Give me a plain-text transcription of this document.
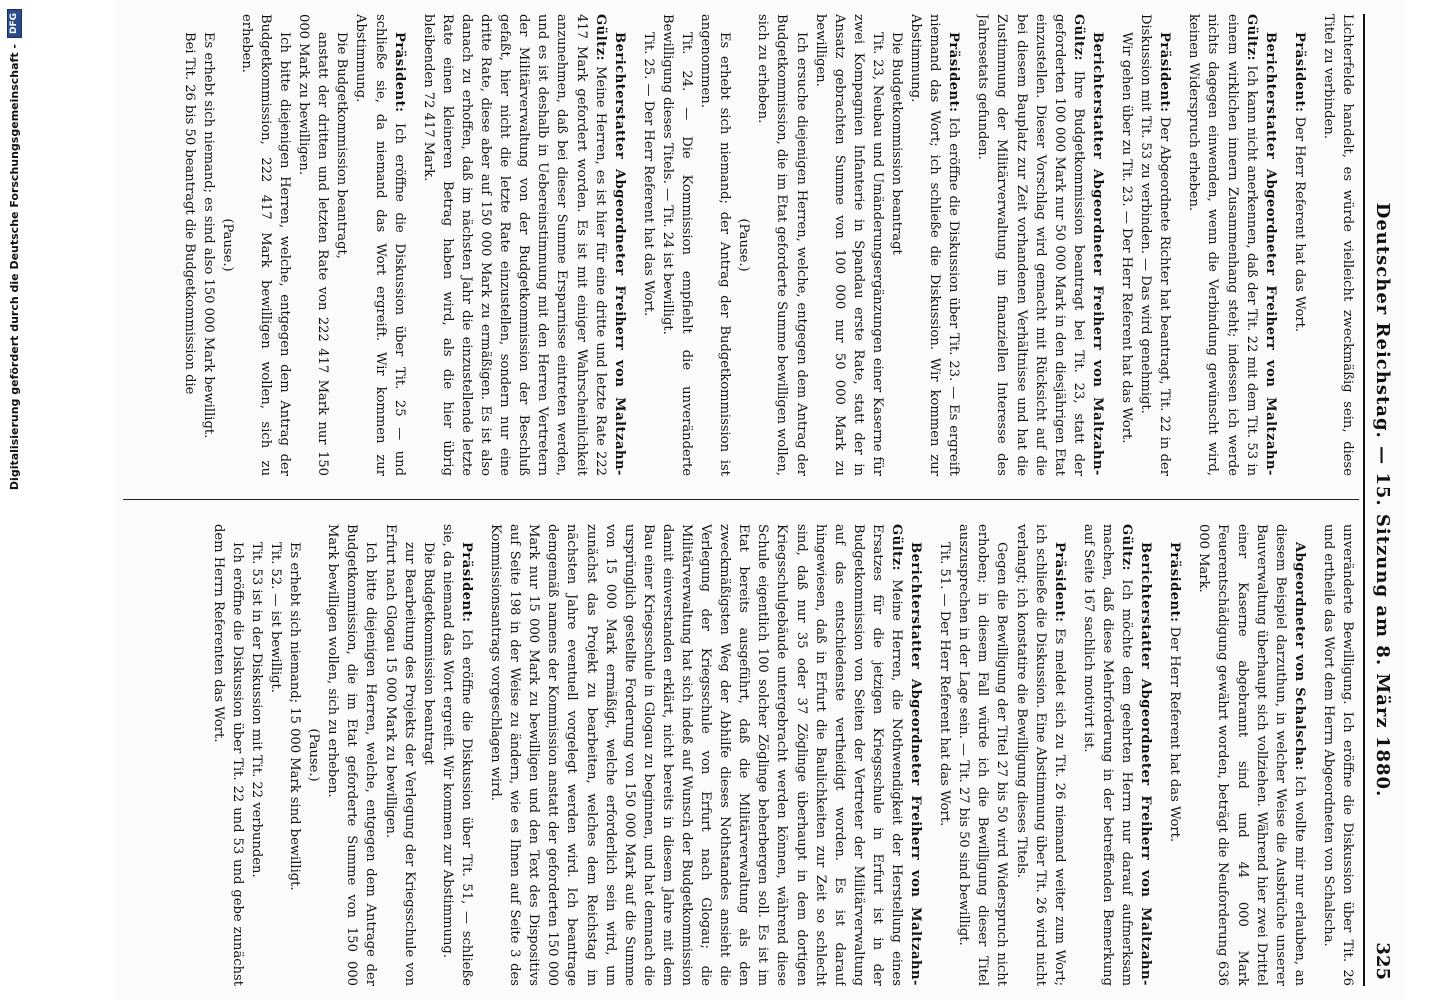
Digitalisierung gefördert durch die Deutsche Forschungsgemeinschaft -
DFG
Deutscher Reichstag. — 15. Sitzung am 8. März 1880.
325

Lichterfelde handelt, es würde vielleicht zweckmäßig sein, diese Titel zu verbinden.

Präsident: Der Herr Referent hat das Wort.

Berichterstatter Abgeordneter Freiherr von Maltzahn-Gültz: Ich kann nicht anerkennen, daß der Tit. 22 mit dem Tit. 53 in einem wirklichen innern Zusammenhang steht; indessen ich werde nichts dagegen einwenden, wenn die Verbindung gewünscht wird, keinen Widerspruch erheben.

Präsident: Der Abgeordnete Richter hat beantragt, Tit. 22 in der Diskussion mit Tit. 53 zu verbinden. — Das wird genehmigt.

Wir gehen über zu Tit. 23. — Der Herr Referent hat das Wort.

Berichterstatter Abgeordneter Freiherr von Maltzahn-Gültz: Ihre Budgetkommission beantragt bei Tit. 23, statt der geforderten 100 000 Mark nur 50 000 Mark in den diesjährigen Etat einzustellen. Dieser Vorschlag wird gemacht mit Rücksicht auf die bei diesem Bauplatz zur Zeit vorhandenen Verhältnisse und hat die Zustimmung der Militärverwaltung im finanziellen Interesse des Jahresetats gefunden.

Präsident: Ich eröffne die Diskussion über Tit. 23. — Es ergreift niemand das Wort; ich schließe die Diskussion. Wir kommen zur Abstimmung.

Die Budgetkommission beantragt

Tit. 23, Neubau und Umänderungsergänzungen einer Kaserne für zwei Kompagnien Infanterie in Spandau erste Rate, statt der in Ansatz gebrachten Summe von 100 000 nur 50 000 Mark zu bewilligen.

Ich ersuche diejenigen Herren, welche, entgegen dem Antrag der Budgetkommission, die im Etat geforderte Summe bewilligen wollen, sich zu erheben.

(Pause.)

Es erhebt sich niemand; der Antrag der Budgetkommission ist angenommen.

Tit. 24. — Die Kommission empfiehlt die unveränderte Bewilligung dieses Titels. — Tit. 24 ist bewilligt.

Tit. 25. — Der Herr Referent hat das Wort.

Berichterstatter Abgeordneter Freiherr von Maltzahn-Gültz: Meine Herren, es ist hier für eine dritte und letzte Rate 222 417 Mark gefordert worden. Es ist mit einiger Wahrscheinlichkeit anzunehmen, daß bei dieser Summe Ersparnisse eintreten werden, und es ist deshalb in Uebereinstimmung mit den Herren Vertretern der Militärverwaltung von der Budgetkommission der Beschluß gefaßt, hier nicht die letzte Rate einzustellen, sondern nur eine dritte Rate, diese aber auf 150 000 Mark zu ermäßigen. Es ist also danach zu erhoffen, daß im nächsten Jahr die einzustellende letzte Rate einen kleineren Betrag haben wird, als die hier übrig bleibenden 72 417 Mark.

Präsident: Ich eröffne die Diskussion über Tit. 25 — und schließe sie, da niemand das Wort ergreift. Wir kommen zur Abstimmung.

Die Budgetkommission beantragt,

anstatt der dritten und letzten Rate von 222 417 Mark nur 150 000 Mark zu bewilligen.

Ich bitte diejenigen Herren, welche, entgegen dem Antrag der Budgetkommission, 222 417 Mark bewilligen wollen, sich zu erheben.

(Pause.)

Es erhebt sich niemand; es sind also 150 000 Mark bewilligt.

Bei Tit. 26 bis 50 beantragt die Budgetkommission die

unveränderte Bewilligung. Ich eröffne die Diskussion über Tit. 26 und ertheile das Wort dem Herrn Abgeordneten von Schalscha.

Abgeordneter von Schalscha: Ich wollte mir nur erlauben, an diesem Beispiel darzuthun, in welcher Weise die Ausbrüche unserer Bauverwaltung überhaupt sich vollziehen. Während hier zwei Drittel einer Kaserne abgebrannt sind und 44 000 Mark Feuerentschädigung gewährt worden, beträgt die Neuforderung 636 000 Mark.

Präsident: Der Herr Referent hat das Wort.

Berichterstatter Abgeordneter Freiherr von Maltzahn-Gültz: Ich möchte dem geehrten Herrn nur darauf aufmerksam machen, daß diese Mehrforderung in der betreffenden Bemerkung auf Seite 167 sachlich motivirt ist.

Präsident: Es meldet sich zu Tit. 26 niemand weiter zum Wort; ich schließe die Diskussion. Eine Abstimmung über Tit. 26 wird nicht verlangt; ich konstatire die Bewilligung dieses Titels.

Gegen die Bewilligung der Titel 27 bis 50 wird Widerspruch nicht erhoben; in diesem Fall würde ich die Bewilligung dieser Titel auszusprechen in der Lage sein. — Tit. 27 bis 50 sind bewilligt.

Tit. 51. — Der Herr Referent hat das Wort.

Berichterstatter Abgeordneter Freiherr von Maltzahn-Gültz: Meine Herren, die Nothwendigkeit der Herstellung eines Ersatzes für die jetzigen Kriegsschule in Erfurt ist in der Budgetkommission von Seiten der Vertreter der Militärverwaltung auf das entschiedenste vertheidigt worden. Es ist darauf hingewiesen, daß in Erfurt die Baulichkeiten zur Zeit so schlecht sind, daß nur 35 oder 37 Zöglinge überhaupt in dem dortigen Kriegsschulgebäude untergebracht werden können, während diese Schule eigentlich 100 solcher Zöglinge beherbergen soll. Es ist im Etat bereits ausgeführt, daß die Militärverwaltung als den zweckmäßigsten Weg der Abhilfe dieses Nothstandes ansieht die Verlegung der Kriegsschule von Erfurt nach Glogau; die Militärverwaltung hat sich indeß auf Wunsch der Budgetkommission damit einverstanden erklärt, nicht bereits in diesem Jahre mit dem Bau einer Kriegsschule in Glogau zu beginnen, und hat demnach die ursprünglich gestellte Forderung von 150 000 Mark auf die Summe von 15 000 Mark ermäßigt, welche erforderlich sein wird, um zunächst das Projekt zu bearbeiten, welches dem Reichstag im nächsten Jahre eventuell vorgelegt werden wird. Ich beantrage demgemäß namens der Kommission anstatt der geforderten 150 000 Mark nur 15 000 Mark zu bewilligen und den Text des Dispositivs auf Seite 198 in der Weise zu ändern, wie es Ihnen auf Seite 3 des Kommissionsantrags vorgeschlagen wird.

Präsident: Ich eröffne die Diskussion über Tit. 51, — schließe sie, da niemand das Wort ergreift. Wir kommen zur Abstimmung.

Die Budgetkommission beantragt

zur Bearbeitung des Projekts der Verlegung der Kriegsschule von Erfurt nach Glogau 15 000 Mark zu bewilligen.

Ich bitte diejenigen Herren, welche, entgegen dem Antrage der Budgetkommission, die im Etat geforderte Summe von 150 000 Mark bewilligen wollen, sich zu erheben.

(Pause.)

Es erhebt sich niemand; 15 000 Mark sind bewilligt.

Tit. 52. — ist bewilligt.

Tit. 53 ist in der Diskussion mit Tit. 22 verbunden.

Ich eröffne die Diskussion über Tit. 22 und 53 und gebe zunächst dem Herrn Referenten das Wort.
